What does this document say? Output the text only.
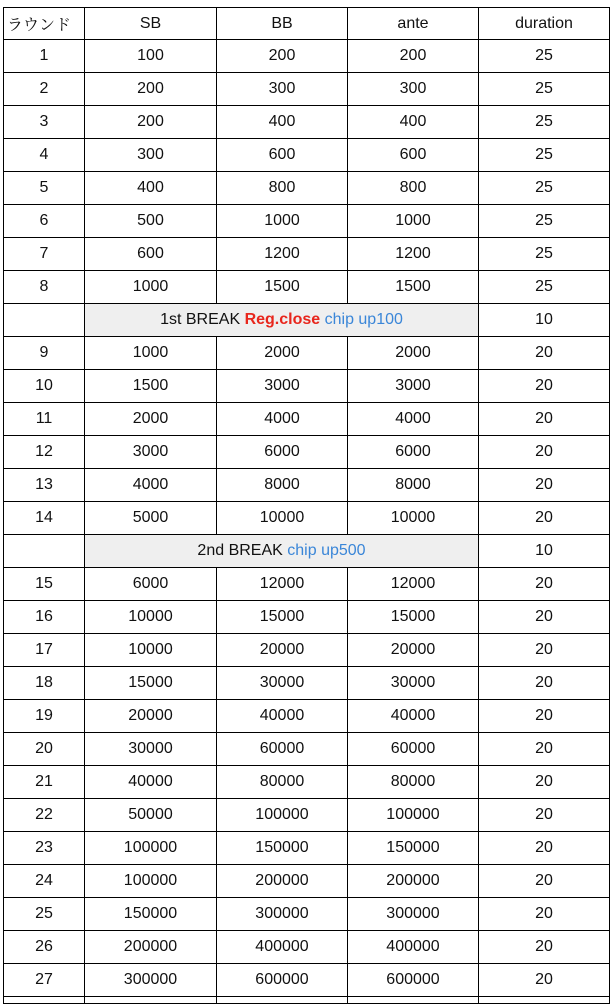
ラウンド	SB	BB	ante	duration
1	100	200	200	25
2	200	300	300	25
3	200	400	400	25
4	300	600	600	25
5	400	800	800	25
6	500	1000	1000	25
7	600	1200	1200	25
8	1000	1500	1500	25
	1st BREAK Reg.close chip up100			10
9	1000	2000	2000	20
10	1500	3000	3000	20
11	2000	4000	4000	20
12	3000	6000	6000	20
13	4000	8000	8000	20
14	5000	10000	10000	20
	2nd BREAK chip up500			10
15	6000	12000	12000	20
16	10000	15000	15000	20
17	10000	20000	20000	20
18	15000	30000	30000	20
19	20000	40000	40000	20
20	30000	60000	60000	20
21	40000	80000	80000	20
22	50000	100000	100000	20
23	100000	150000	150000	20
24	100000	200000	200000	20
25	150000	300000	300000	20
26	200000	400000	400000	20
27	300000	600000	600000	20
